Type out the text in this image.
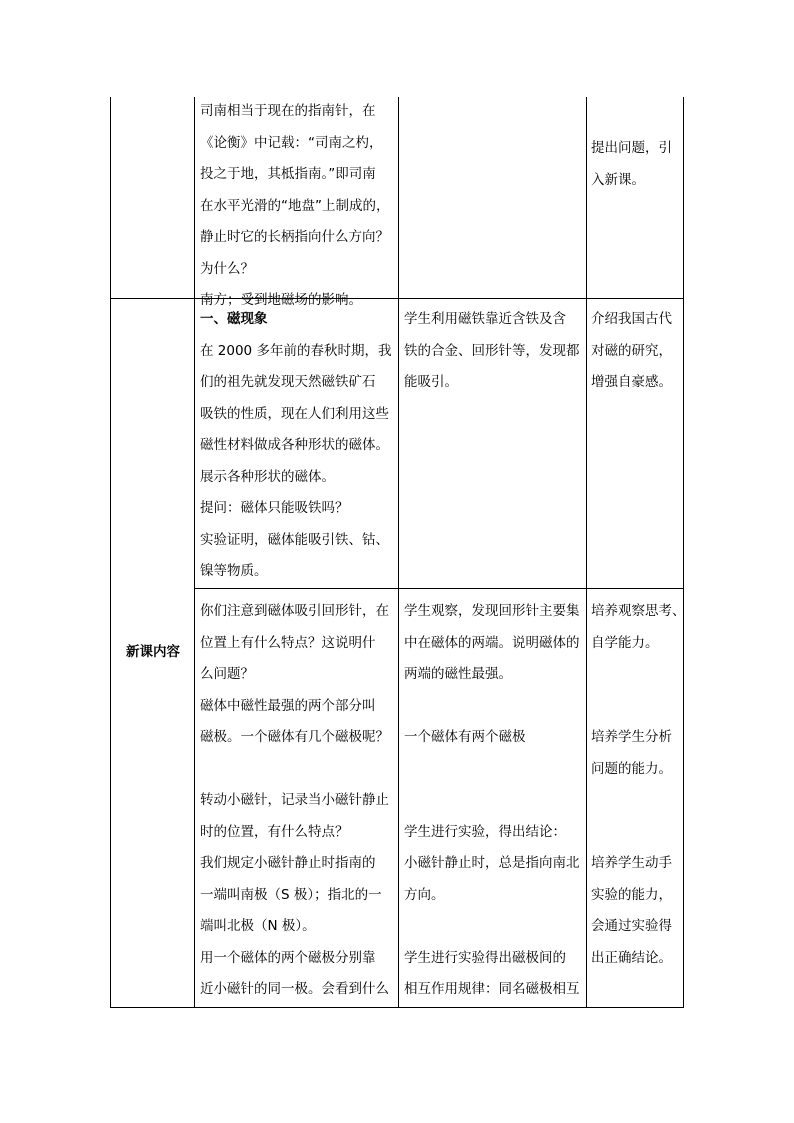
新课内容
司南相当于现在的指南针，在
《论衡》中记载：“司南之杓，
投之于地，其柢指南。”即司南
在水平光滑的“地盘”上制成的，
静止时它的长柄指向什么方向？
为什么？
南方；受到地磁场的影响。
提出问题，引
入新课。
一、磁现象
在 2000 多年前的春秋时期，我
们的祖先就发现天然磁铁矿石
吸铁的性质，现在人们利用这些
磁性材料做成各种形状的磁体。
展示各种形状的磁体。
提问：磁体只能吸铁吗？
实验证明，磁体能吸引铁、钴、
镍等物质。
学生利用磁铁靠近含铁及含
铁的合金、回形针等，发现都
能吸引。
介绍我国古代
对磁的研究，
增强自豪感。
你们注意到磁体吸引回形针，在
位置上有什么特点？这说明什
么问题？
磁体中磁性最强的两个部分叫
磁极。一个磁体有几个磁极呢？
转动小磁针，记录当小磁针静止
时的位置，有什么特点？
我们规定小磁针静止时指南的
一端叫南极（S 极）；指北的一
端叫北极（N 极）。
用一个磁体的两个磁极分别靠
近小磁针的同一极。会看到什么
学生观察，发现回形针主要集
中在磁体的两端。说明磁体的
两端的磁性最强。
一个磁体有两个磁极
学生进行实验，得出结论：
小磁针静止时，总是指向南北
方向。
学生进行实验得出磁极间的
相互作用规律：同名磁极相互
培养观察思考、
自学能力。
培养学生分析
问题的能力。
培养学生动手
实验的能力，
会通过实验得
出正确结论。
